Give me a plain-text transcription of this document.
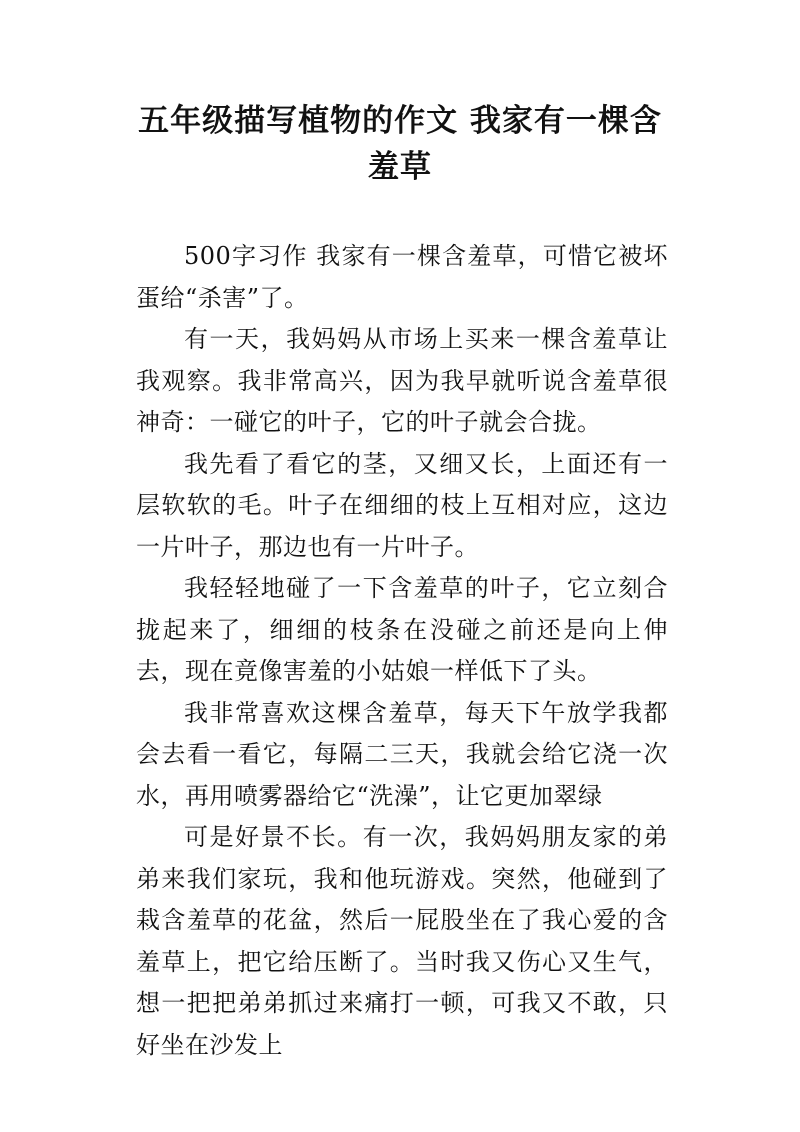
五年级描写植物的作文 我家有一棵含
羞草

500字习作 我家有一棵含羞草，可惜它被坏蛋给“杀害”了。

有一天，我妈妈从市场上买来一棵含羞草让我观察。我非常高兴，因为我早就听说含羞草很神奇：一碰它的叶子，它的叶子就会合拢。

我先看了看它的茎，又细又长，上面还有一层软软的毛。叶子在细细的枝上互相对应，这边一片叶子，那边也有一片叶子。

我轻轻地碰了一下含羞草的叶子，它立刻合拢起来了，细细的枝条在没碰之前还是向上伸去，现在竟像害羞的小姑娘一样低下了头。

我非常喜欢这棵含羞草，每天下午放学我都会去看一看它，每隔二三天，我就会给它浇一次水，再用喷雾器给它“洗澡”，让它更加翠绿

可是好景不长。有一次，我妈妈朋友家的弟弟来我们家玩，我和他玩游戏。突然，他碰到了栽含羞草的花盆，然后一屁股坐在了我心爱的含羞草上，把它给压断了。当时我又伤心又生气，想一把把弟弟抓过来痛打一顿，可我又不敢，只好坐在沙发上
